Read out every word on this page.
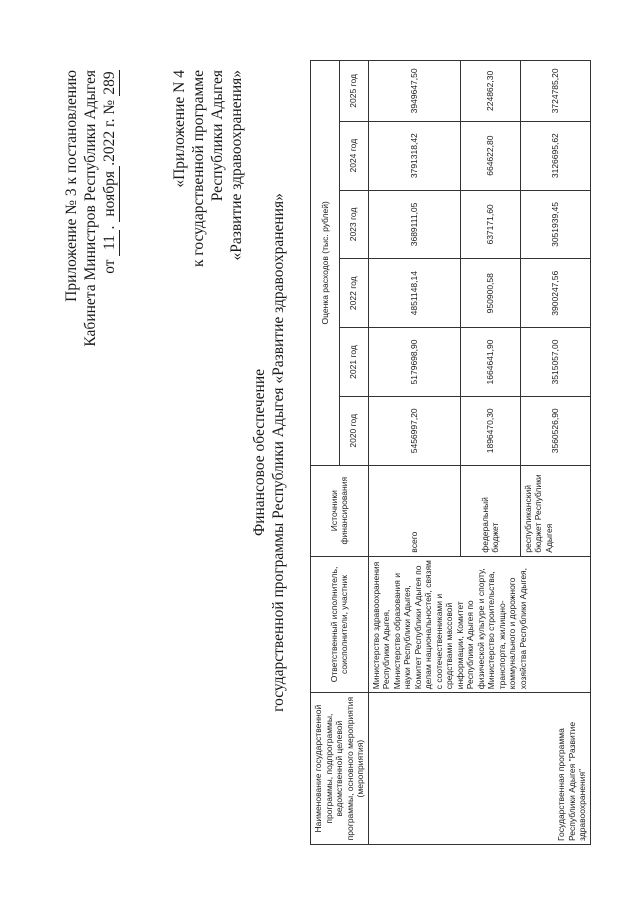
Приложение № 3 к постановлению Кабинета Министров Республики Адыгея от 11. ноября.2022 г. № 289	«Приложение N 4 к государственной программе Республики Адыгея «Развитие здравоохранения»
Финансовое обеспечение государственной программы Республики Адыгея «Развитие здравоохранения»
Наименование государственной программы, подпрограммы, ведомственной целевой программы, основного мероприятия (мероприятия)	Ответственный исполнитель, соисполнители, участник	Источники финансирования	Оценка расходов (тыс. рублей)					
			2020 год	2021 год	2022 год	2023 год	2024 год	2025 год
Государственная программа Республики Адыгея "Развитие здравоохранения"	Министерство здравоохранения Республики Адыгея, Министерство образования и науки Республики Адыгея, Комитет Республики Адыгея по делам национальностей, связям с соотечественниками и средствами массовой информации, Комитет Республики Адыгея по физической культуре и спорту, Министерство строительства, транспорта, жилищно-коммунального и дорожного хозяйства Республики Адыгея,	всего	5456997,20	5179698,90	4851148,14	3689111,05	3791318,42	3949647,50
		федеральный бюджет	1896470,30	1664641,90	950900,58	637171,60	664622,80	224862,30
		республиканский бюджет Республики Адыгея	3560526,90	3515057,00	3900247,56	3051939,45	3126695,62	3724785,20
